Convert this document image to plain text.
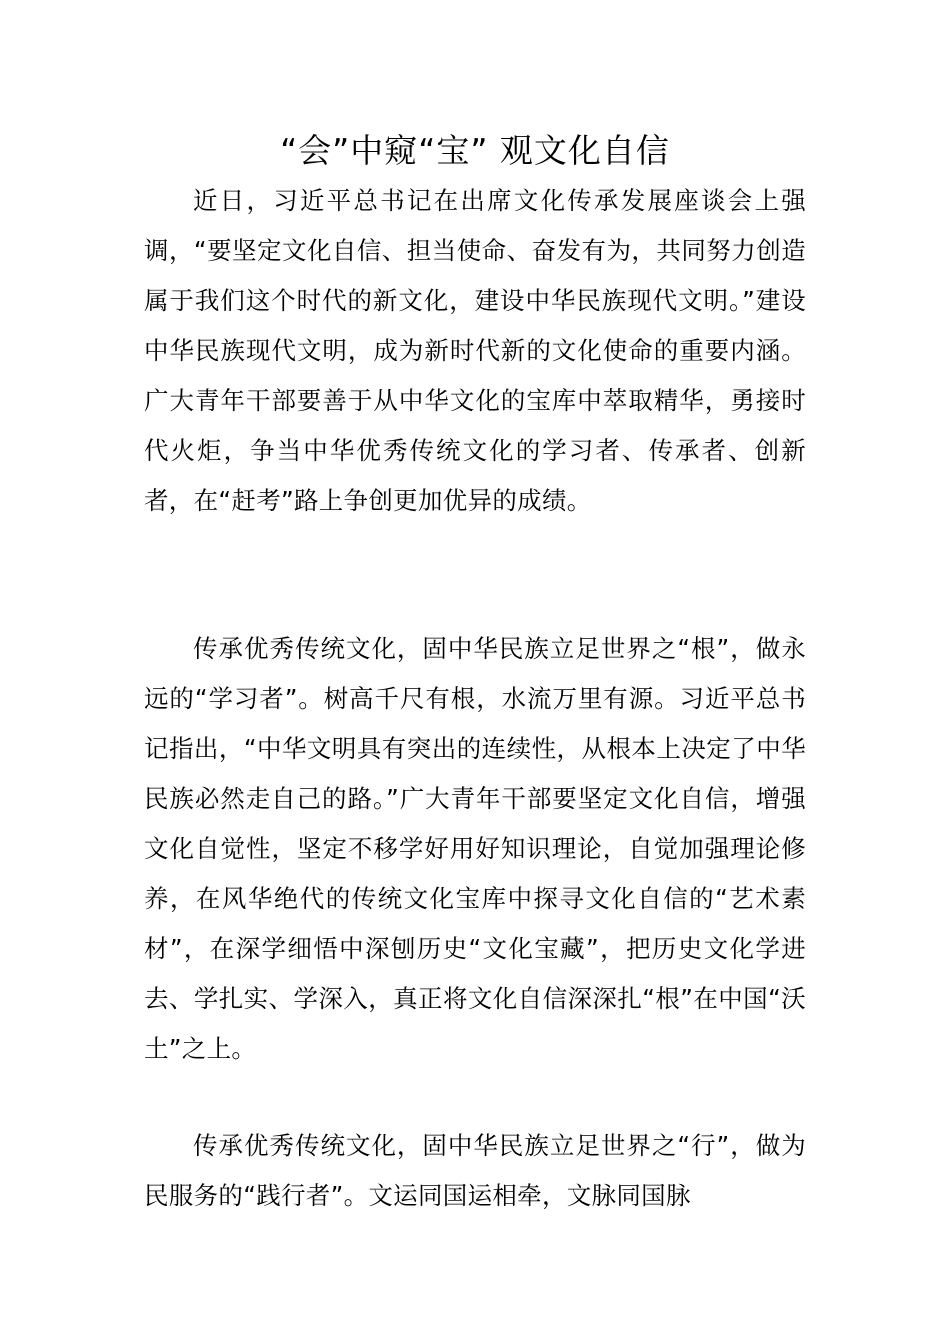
“会”中窥“宝” 观文化自信

近日，习近平总书记在出席文化传承发展座谈会上强调，“要坚定文化自信、担当使命、奋发有为，共同努力创造属于我们这个时代的新文化，建设中华民族现代文明。”建设中华民族现代文明，成为新时代新的文化使命的重要内涵。广大青年干部要善于从中华文化的宝库中萃取精华，勇接时代火炬，争当中华优秀传统文化的学习者、传承者、创新者，在“赶考”路上争创更加优异的成绩。

传承优秀传统文化，固中华民族立足世界之“根”，做永远的“学习者”。树高千尺有根，水流万里有源。习近平总书记指出，“中华文明具有突出的连续性，从根本上决定了中华民族必然走自己的路。”广大青年干部要坚定文化自信，增强文化自觉性，坚定不移学好用好知识理论，自觉加强理论修养，在风华绝代的传统文化宝库中探寻文化自信的“艺术素材”，在深学细悟中深刨历史“文化宝藏”，把历史文化学进去、学扎实、学深入，真正将文化自信深深扎“根”在中国“沃土”之上。

传承优秀传统文化，固中华民族立足世界之“行”，做为民服务的“践行者”。文运同国运相牵，文脉同国脉
